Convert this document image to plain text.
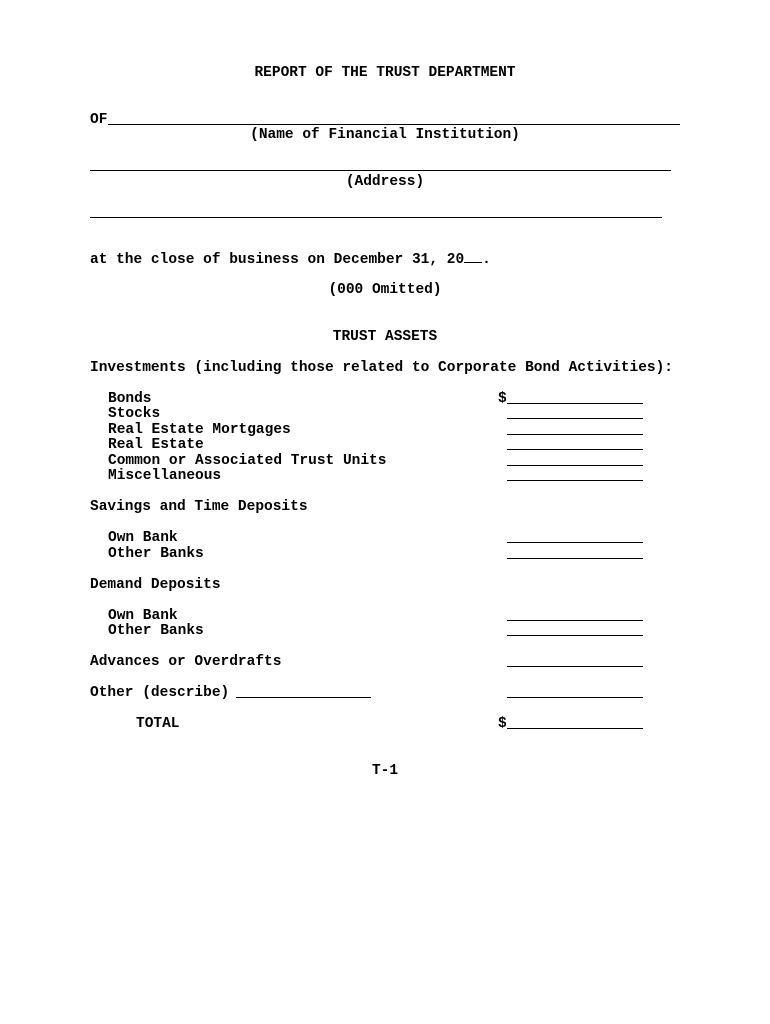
REPORT OF THE TRUST DEPARTMENT
OF
(Name of Financial Institution)
(Address)
at the close of business on December 31, 20 .
(000 Omitted)
TRUST ASSETS
Investments (including those related to Corporate Bond Activities):
Bonds	$
Stocks
Real Estate Mortgages
Real Estate
Common or Associated Trust Units
Miscellaneous
Savings and Time Deposits
Own Bank
Other Banks
Demand Deposits
Own Bank
Other Banks
Advances or Overdrafts
Other (describe)
TOTAL	$
T-1
